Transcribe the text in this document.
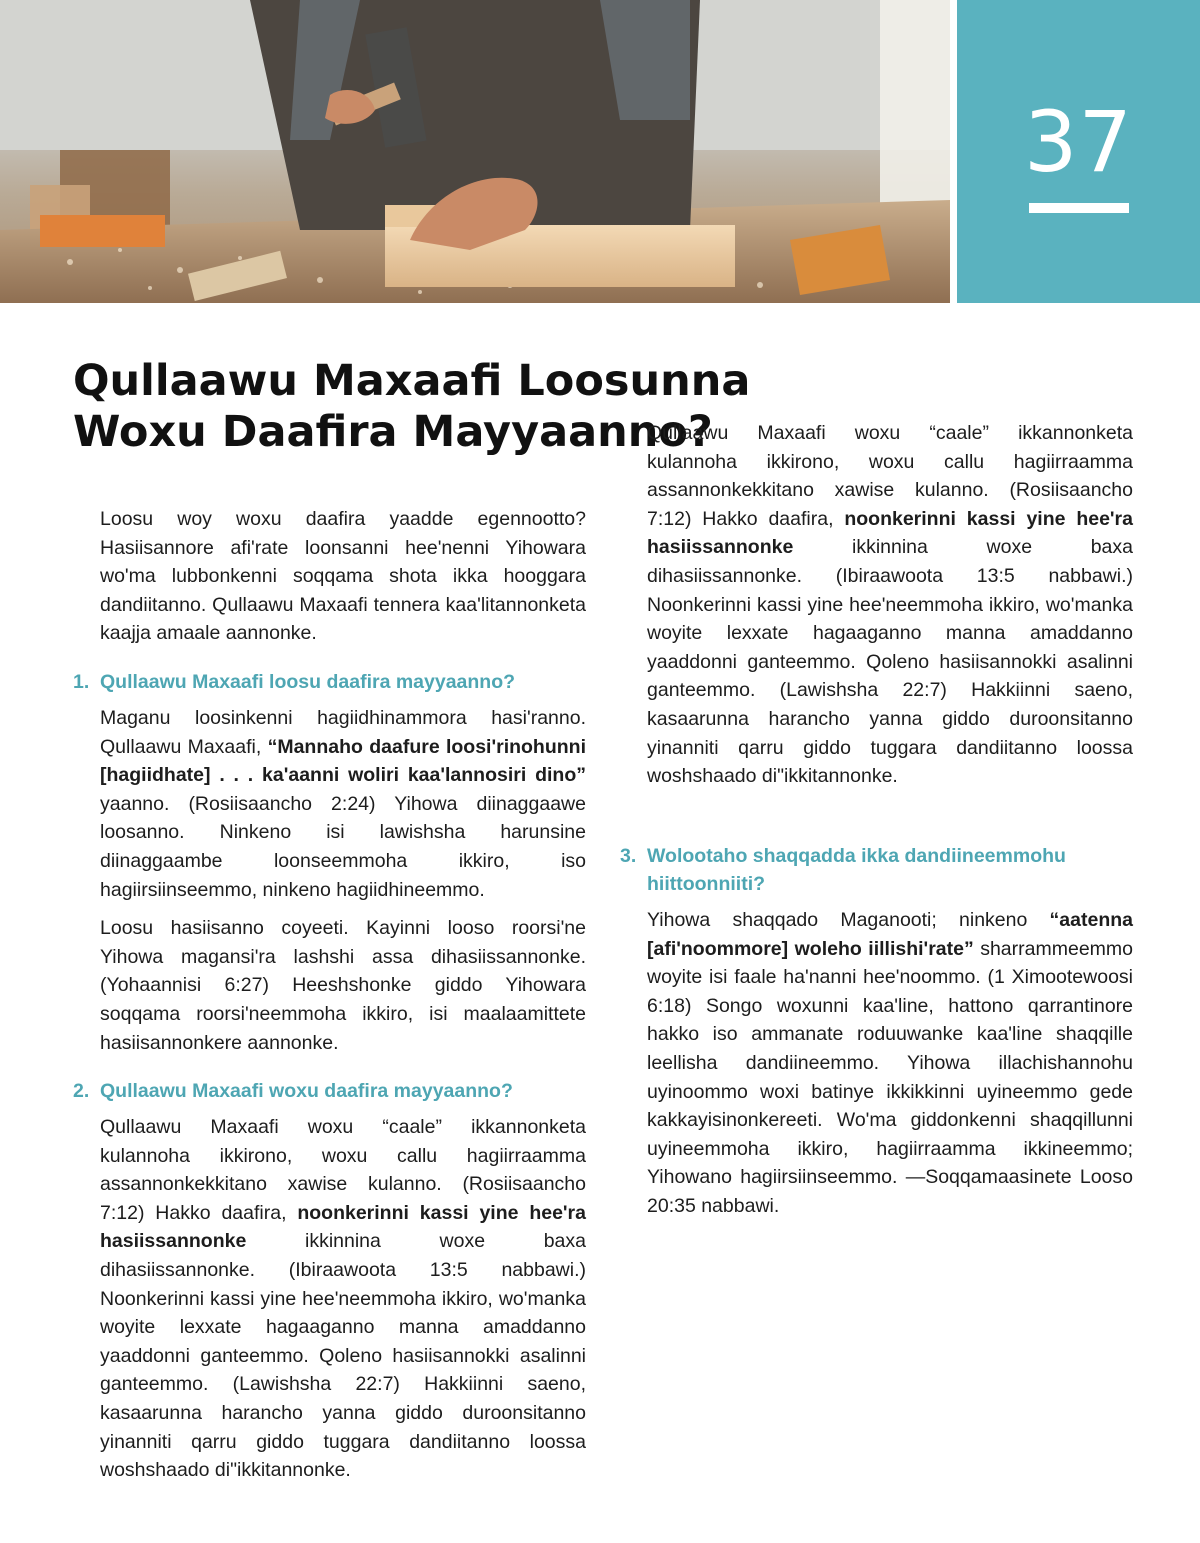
37
Qullaawu Maxaafi Loosunna
Woxu Daafira Mayyaanno?

Loosu woy woxu daafira yaadde egennootto? Hasiisannore afi'rate loonsanni hee'nenni Yihowara wo'ma lubbonkenni soqqama shota ikka hooggara dandiitanno. Qullaawu Maxaafi tennera kaa'litannonketa kaajja amaale aannonke.

1. Qullaawu Maxaafi loosu daafira mayyaanno?

Maganu loosinkenni hagiidhinammora hasi'ranno. Qullaawu Maxaafi, “Mannaho daafure loosi'rinohunni [hagiidhate] . . . ka'aanni woliri kaa'lannosiri dino” yaanno. (Rosiisaancho 2:24) Yihowa diinaggaawe loosanno. Ninkeno isi lawishsha harunsine diinaggaambe loonseemmoha ikkiro, iso hagiirsiinseemmo, ninkeno hagiidhineemmo.

Loosu hasiisanno coyeeti. Kayinni looso roorsi'ne Yihowa magansi'ra lashshi assa dihasiissannonke. (Yohaannisi 6:27) Heeshshonke giddo Yihowara soqqama roorsi'neemmoha ikkiro, isi maalaamittete hasiisannonkere aannonke.

2. Qullaawu Maxaafi woxu daafira mayyaanno?

Qullaawu Maxaafi woxu “caale” ikkannonketa kulannoha ikkirono, woxu callu hagiirraamma assannonkekkitano xawise kulanno. (Rosiisaancho 7:12) Hakko daafira, noonkerinni kassi yine hee'ra hasiissannonke ikkinnina woxe baxa dihasiissannonke. (Ibiraawoota 13:5 nabbawi.) Noonkerinni kassi yine hee'neemmoha ikkiro, wo'manka woyite lexxate hagaaganno manna amaddanno yaaddonni ganteemmo. Qoleno hasiisannokki asalinni ganteemmo. (Lawishsha 22:7) Hakkiinni saeno, kasaarunna harancho yanna giddo duroonsitanno yinanniti qarru giddo tuggara dandiitanno loossa woshshaado di"ikkitannonke.

Qullaawu Maxaafi woxu “caale” ikkannonketa kulannoha ikkirono, woxu callu hagiirraamma assannonkekkitano xawise kulanno. (Rosiisaancho 7:12) Hakko daafira, noonkerinni kassi yine hee'ra hasiissannonke ikkinnina woxe baxa dihasiissannonke. (Ibiraawoota 13:5 nabbawi.) Noonkerinni kassi yine hee'neemmoha ikkiro, wo'manka woyite lexxate hagaaganno manna amaddanno yaaddonni ganteemmo. Qoleno hasiisannokki asalinni ganteemmo. (Lawishsha 22:7) Hakkiinni saeno, kasaarunna harancho yanna giddo duroonsitanno yinanniti qarru giddo tuggara dandiitanno loossa woshshaado di"ikkitannonke.

3. Wolootaho shaqqadda ikka dandiineemmohu hiittoonniiti?

Yihowa shaqqado Maganooti; ninkeno “aatenna [afi'noommore] woleho iillishi'rate” sharrammeemmo woyite isi faale ha'nanni hee'noommo. (1 Ximootewoosi 6:18) Songo woxunni kaa'line, hattono qarrantinore hakko iso ammanate roduuwanke kaa'line shaqqille leellisha dandiineemmo. Yihowa illachishannohu uyinoommo woxi batinye ikkikkinni uyineemmo gede kakkayisinonkereeti. Wo'ma giddonkenni shaqqillunni uyineemmoha ikkiro, hagiirraamma ikkineemmo; Yihowano hagiirsiinseemmo. —Soqqamaasinete Looso 20:35 nabbawi.
